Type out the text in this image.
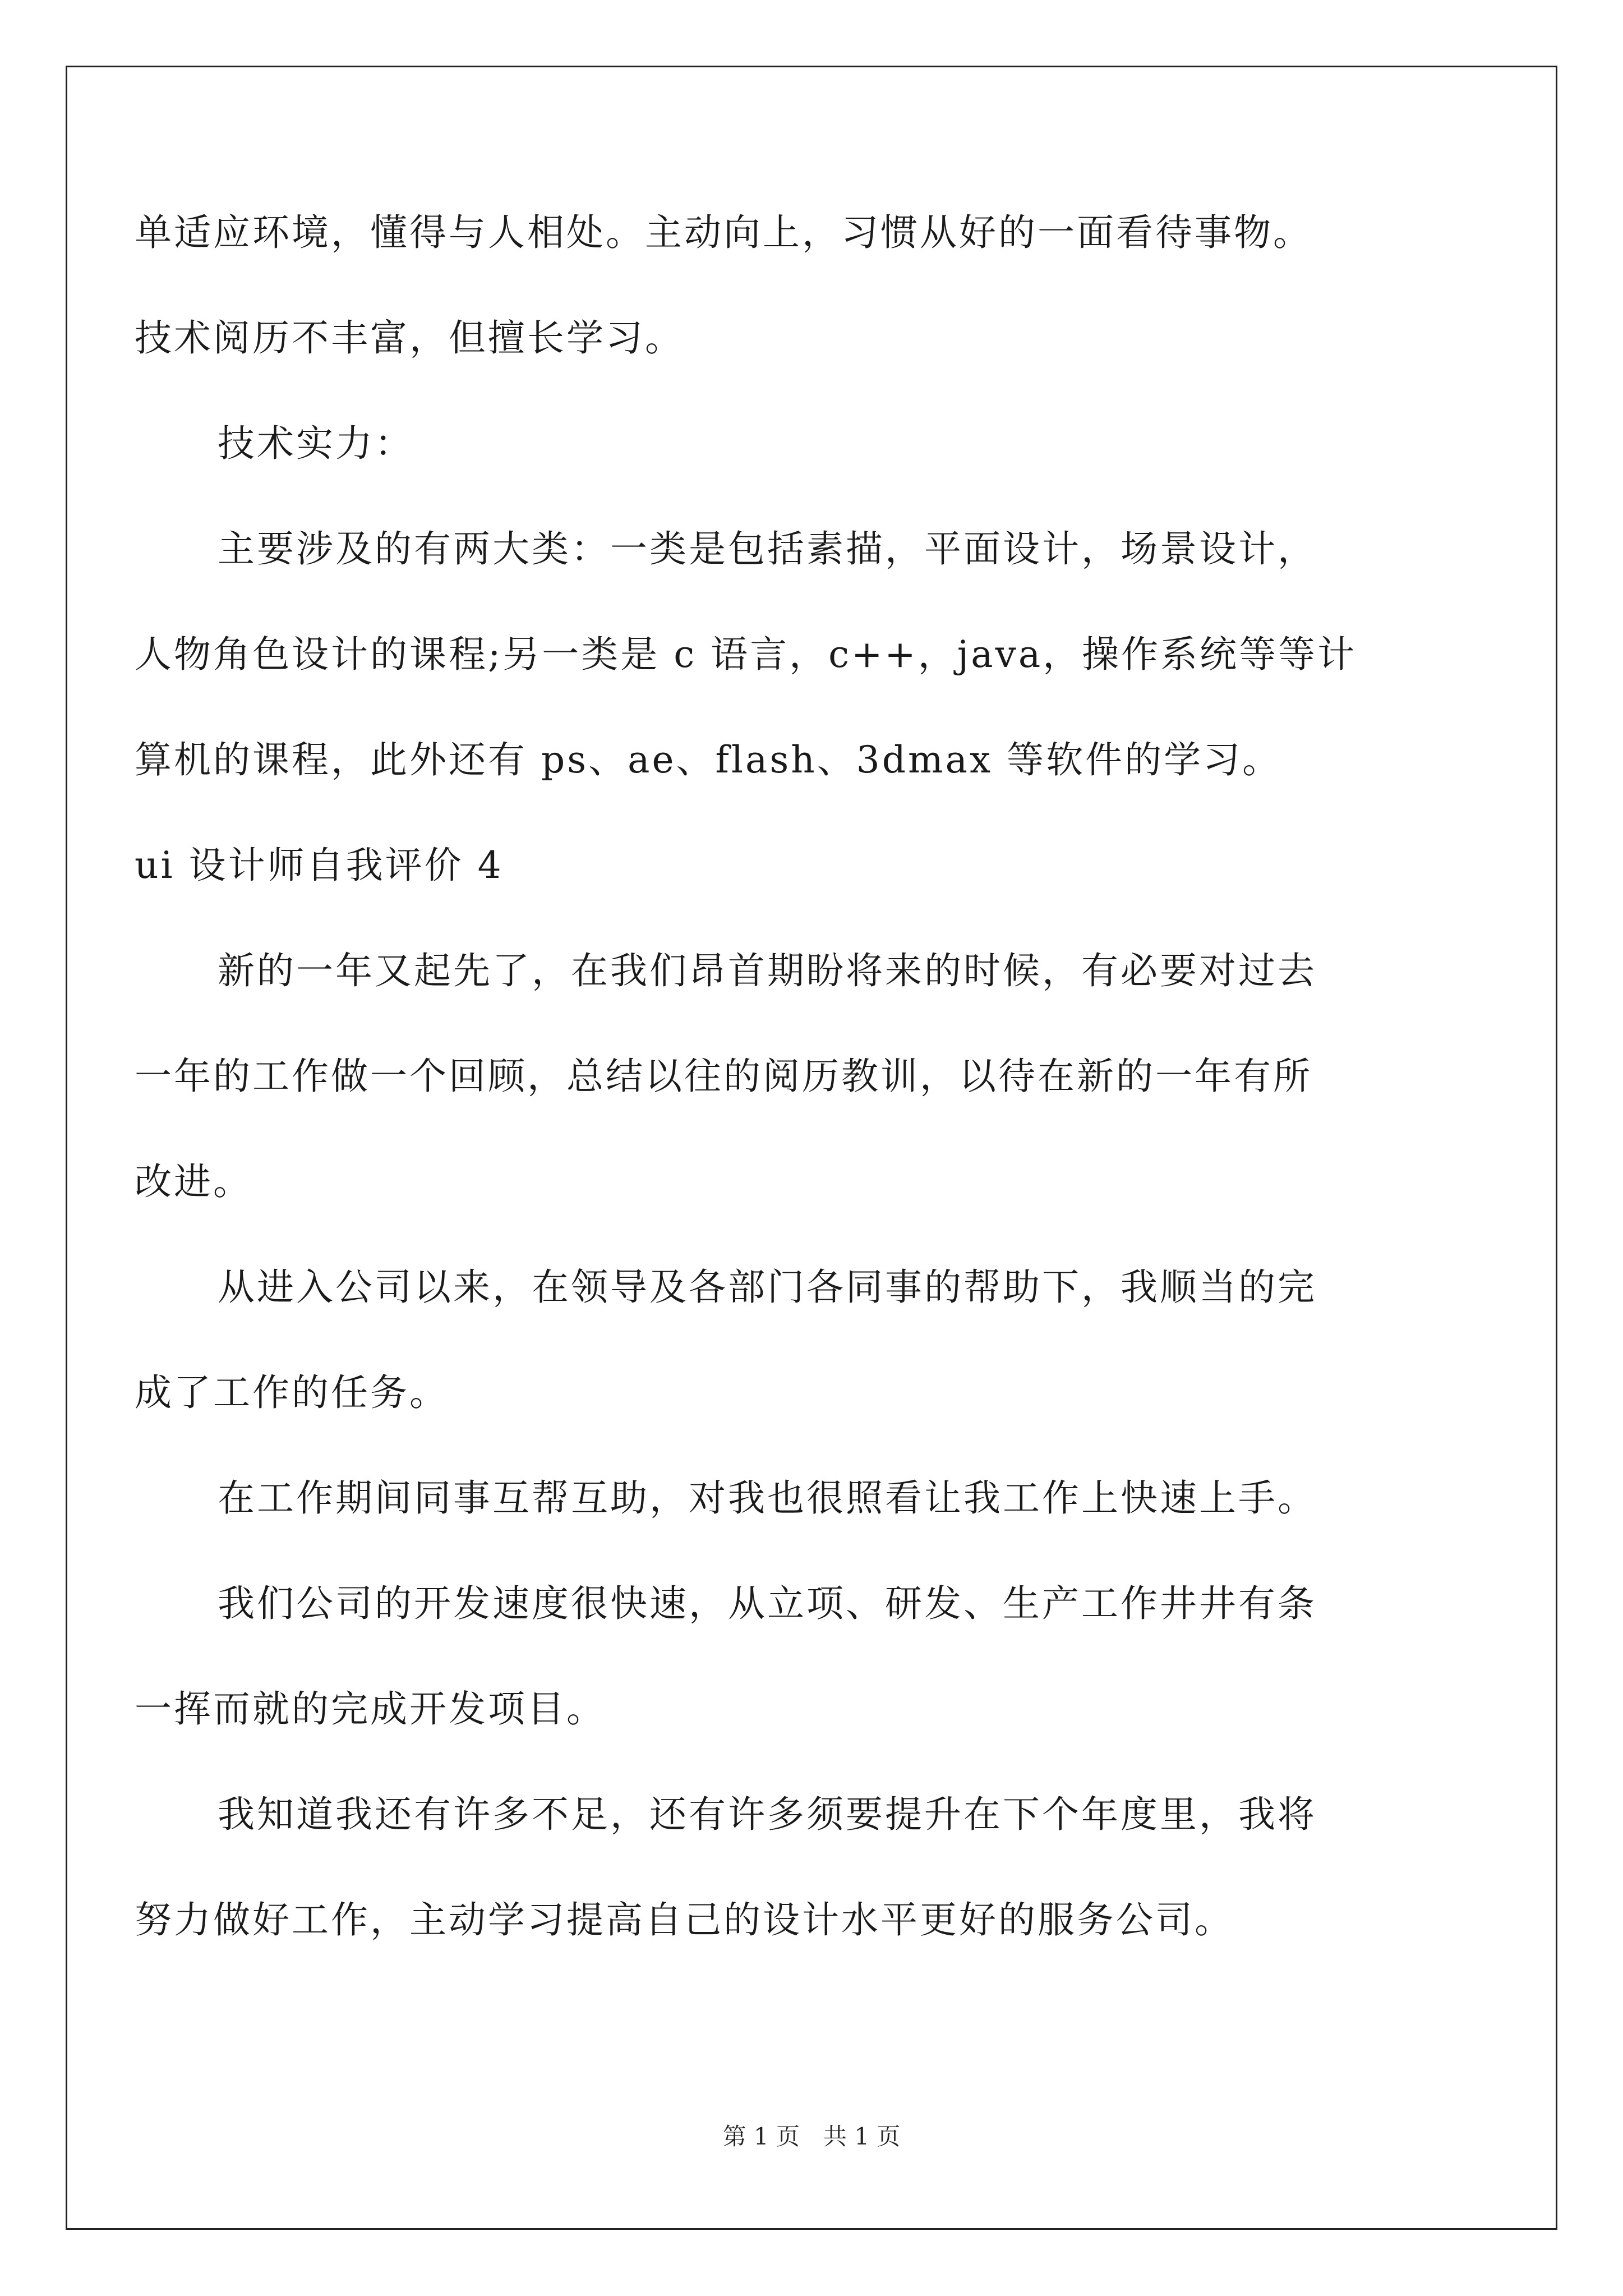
单适应环境，懂得与人相处。主动向上，习惯从好的一面看待事物。
技术阅历不丰富，但擅长学习。
技术实力：
主要涉及的有两大类：一类是包括素描，平面设计，场景设计，
人物角色设计的课程;另一类是 c 语言，c++，java，操作系统等等计
算机的课程，此外还有 ps、ae、flash、3dmax 等软件的学习。
ui 设计师自我评价 4
新的一年又起先了，在我们昂首期盼将来的时候，有必要对过去
一年的工作做一个回顾，总结以往的阅历教训，以待在新的一年有所
改进。
从进入公司以来，在领导及各部门各同事的帮助下，我顺当的完
成了工作的任务。
在工作期间同事互帮互助，对我也很照看让我工作上快速上手。
我们公司的开发速度很快速，从立项、研发、生产工作井井有条
一挥而就的完成开发项目。
我知道我还有许多不足，还有许多须要提升在下个年度里，我将
努力做好工作，主动学习提高自己的设计水平更好的服务公司。
第 1 页　共 1 页
